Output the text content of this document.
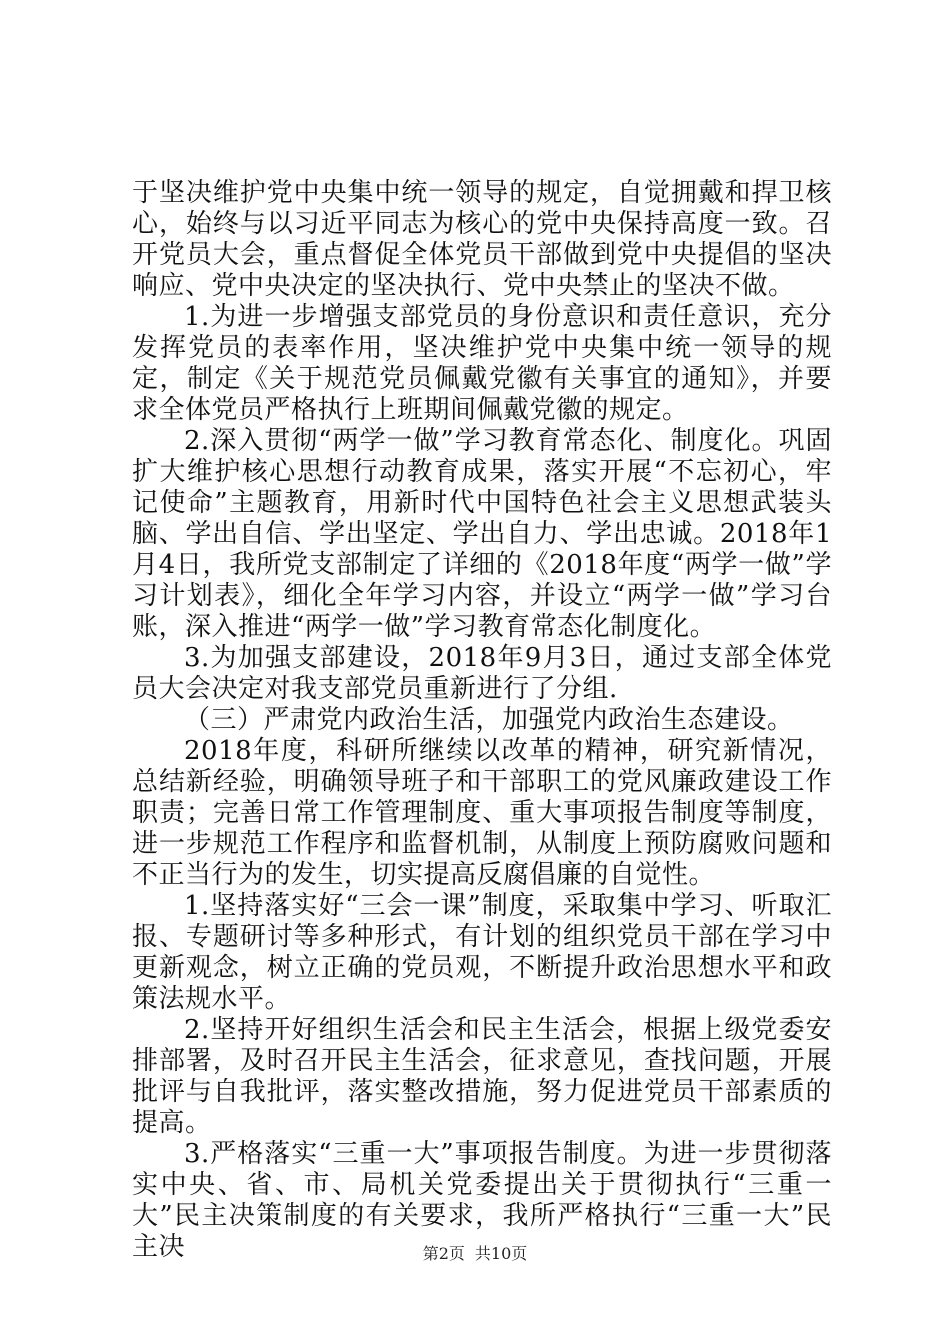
于坚决维护党中央集中统一领导的规定，自觉拥戴和捍卫核心，始终与以习近平同志为核心的党中央保持高度一致。召开党员大会，重点督促全体党员干部做到党中央提倡的坚决响应、党中央决定的坚决执行、党中央禁止的坚决不做。

1.为进一步增强支部党员的身份意识和责任意识，充分发挥党员的表率作用，坚决维护党中央集中统一领导的规定，制定《关于规范党员佩戴党徽有关事宜的通知》，并要求全体党员严格执行上班期间佩戴党徽的规定。

2.深入贯彻“两学一做”学习教育常态化、制度化。巩固扩大维护核心思想行动教育成果，落实开展“不忘初心，牢记使命”主题教育，用新时代中国特色社会主义思想武装头脑、学出自信、学出坚定、学出自力、学出忠诚。2018年1月4日，我所党支部制定了详细的《2018年度“两学一做”学习计划表》，细化全年学习内容，并设立“两学一做”学习台账，深入推进“两学一做”学习教育常态化制度化。

3.为加强支部建设，2018年9月3日，通过支部全体党员大会决定对我支部党员重新进行了分组.

（三）严肃党内政治生活，加强党内政治生态建设。

2018年度，科研所继续以改革的精神，研究新情况，总结新经验，明确领导班子和干部职工的党风廉政建设工作职责；完善日常工作管理制度、重大事项报告制度等制度，进一步规范工作程序和监督机制，从制度上预防腐败问题和不正当行为的发生，切实提高反腐倡廉的自觉性。

1.坚持落实好“三会一课”制度，采取集中学习、听取汇报、专题研讨等多种形式，有计划的组织党员干部在学习中更新观念，树立正确的党员观，不断提升政治思想水平和政策法规水平。

2.坚持开好组织生活会和民主生活会，根据上级党委安排部署，及时召开民主生活会，征求意见，查找问题，开展批评与自我批评，落实整改措施，努力促进党员干部素质的提高。

3.严格落实“三重一大”事项报告制度。为进一步贯彻落实中央、省、市、局机关党委提出关于贯彻执行“三重一大”民主决策制度的有关要求，我所严格执行“三重一大”民主决	第2页 共10页
